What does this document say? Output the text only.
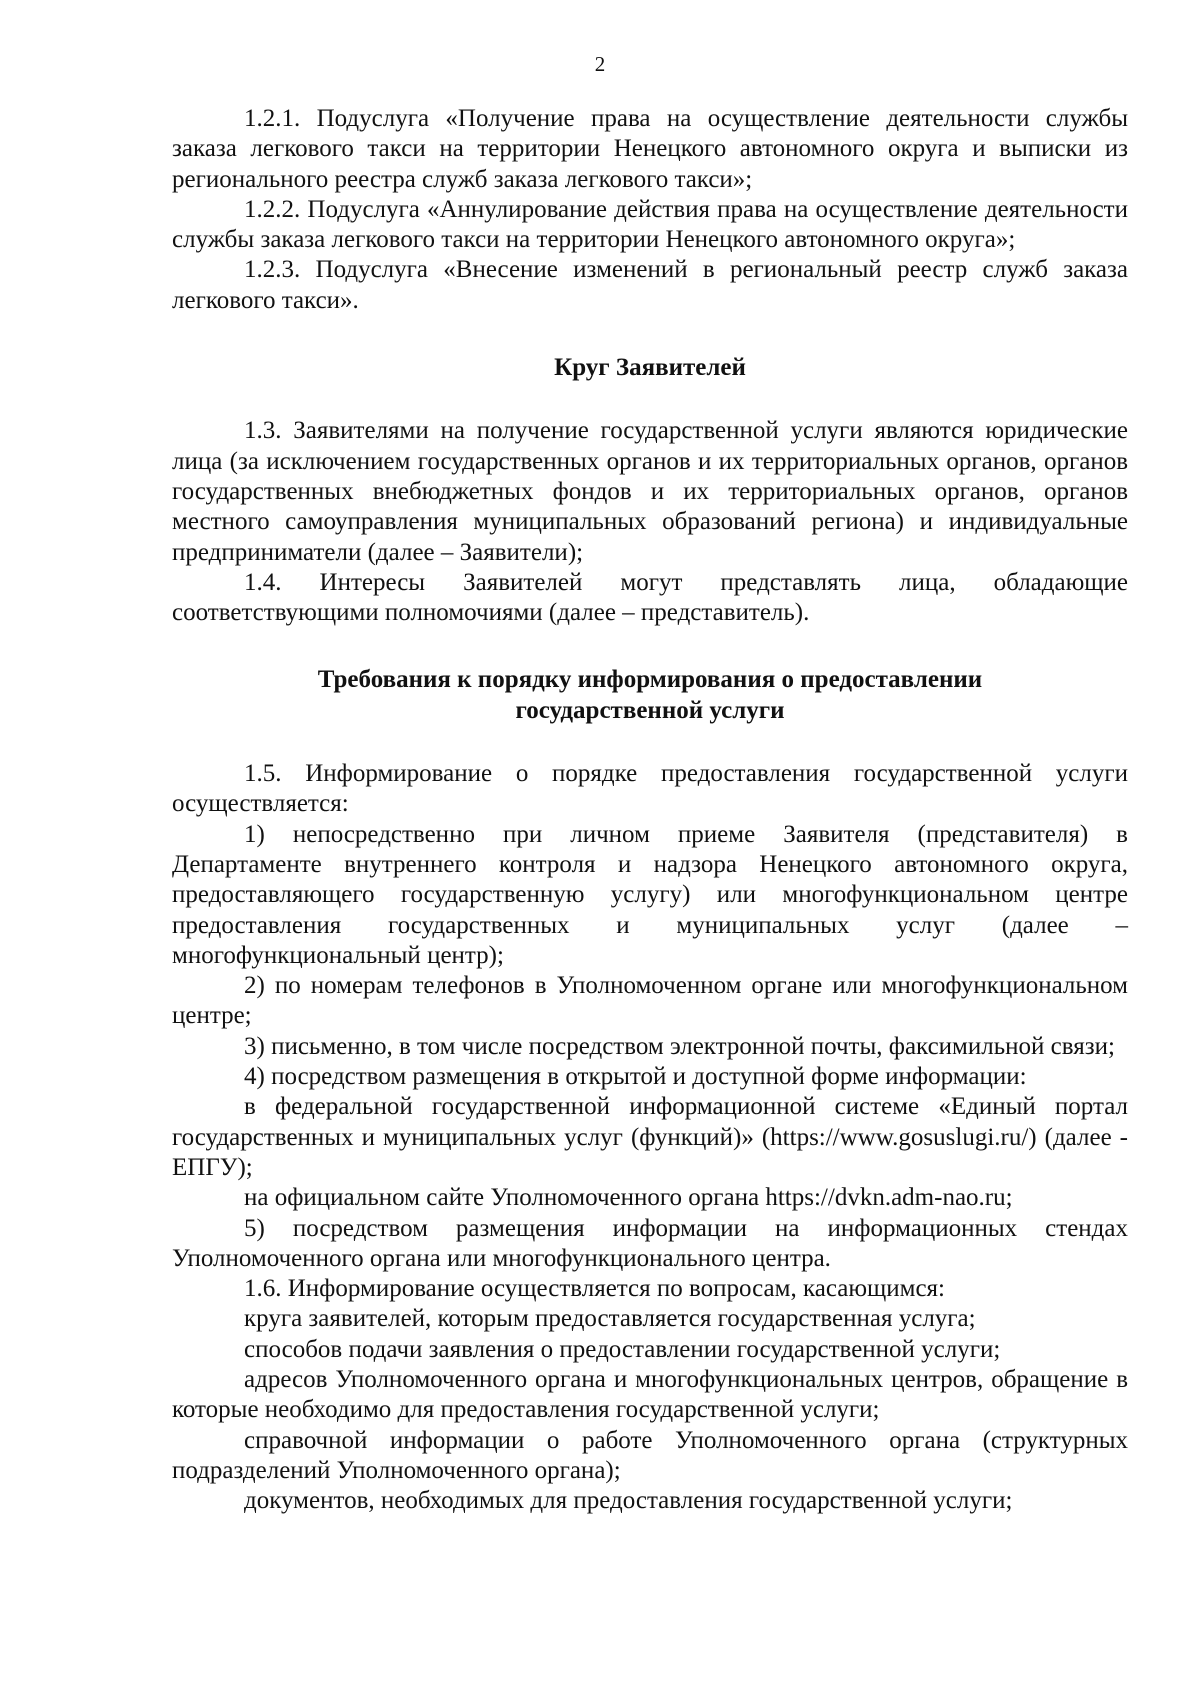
2

1.2.1. Подуслуга «Получение права на осуществление деятельности службы заказа легкового такси на территории Ненецкого автономного округа и выписки из регионального реестра служб заказа легкового такси»;

1.2.2. Подуслуга «Аннулирование действия права на осуществление деятельности службы заказа легкового такси на территории Ненецкого автономного округа»;

1.2.3. Подуслуга «Внесение изменений в региональный реестр служб заказа легкового такси».

Круг Заявителей

1.3. Заявителями на получение государственной услуги являются юридические лица (за исключением государственных органов и их территориальных органов, органов государственных внебюджетных фондов и их территориальных органов, органов местного самоуправления муниципальных образований региона) и индивидуальные предприниматели (далее – Заявители);

1.4. Интересы Заявителей могут представлять лица, обладающие соответствующими полномочиями (далее – представитель).

Требования к порядку информирования о предоставлении

государственной услуги

1.5. Информирование о порядке предоставления государственной услуги осуществляется:

1) непосредственно при личном приеме Заявителя (представителя) в Департаменте внутреннего контроля и надзора Ненецкого автономного округа, предоставляющего государственную услугу) или многофункциональном центре предоставления государственных и муниципальных услуг (далее – многофункциональный центр);

2) по номерам телефонов в Уполномоченном органе или многофункциональном центре;

3) письменно, в том числе посредством электронной почты, факсимильной связи;

4) посредством размещения в открытой и доступной форме информации:

в федеральной государственной информационной системе «Единый портал государственных и муниципальных услуг (функций)» (https://www.gosuslugi.ru/) (далее - ЕПГУ);

на официальном сайте Уполномоченного органа https://dvkn.adm-nao.ru;

5) посредством размещения информации на информационных стендах Уполномоченного органа или многофункционального центра.

1.6. Информирование осуществляется по вопросам, касающимся:

круга заявителей, которым предоставляется государственная услуга;

способов подачи заявления о предоставлении государственной услуги;

адресов Уполномоченного органа и многофункциональных центров, обращение в которые необходимо для предоставления государственной услуги;

справочной информации о работе Уполномоченного органа (структурных подразделений Уполномоченного органа);

документов, необходимых для предоставления государственной услуги;
